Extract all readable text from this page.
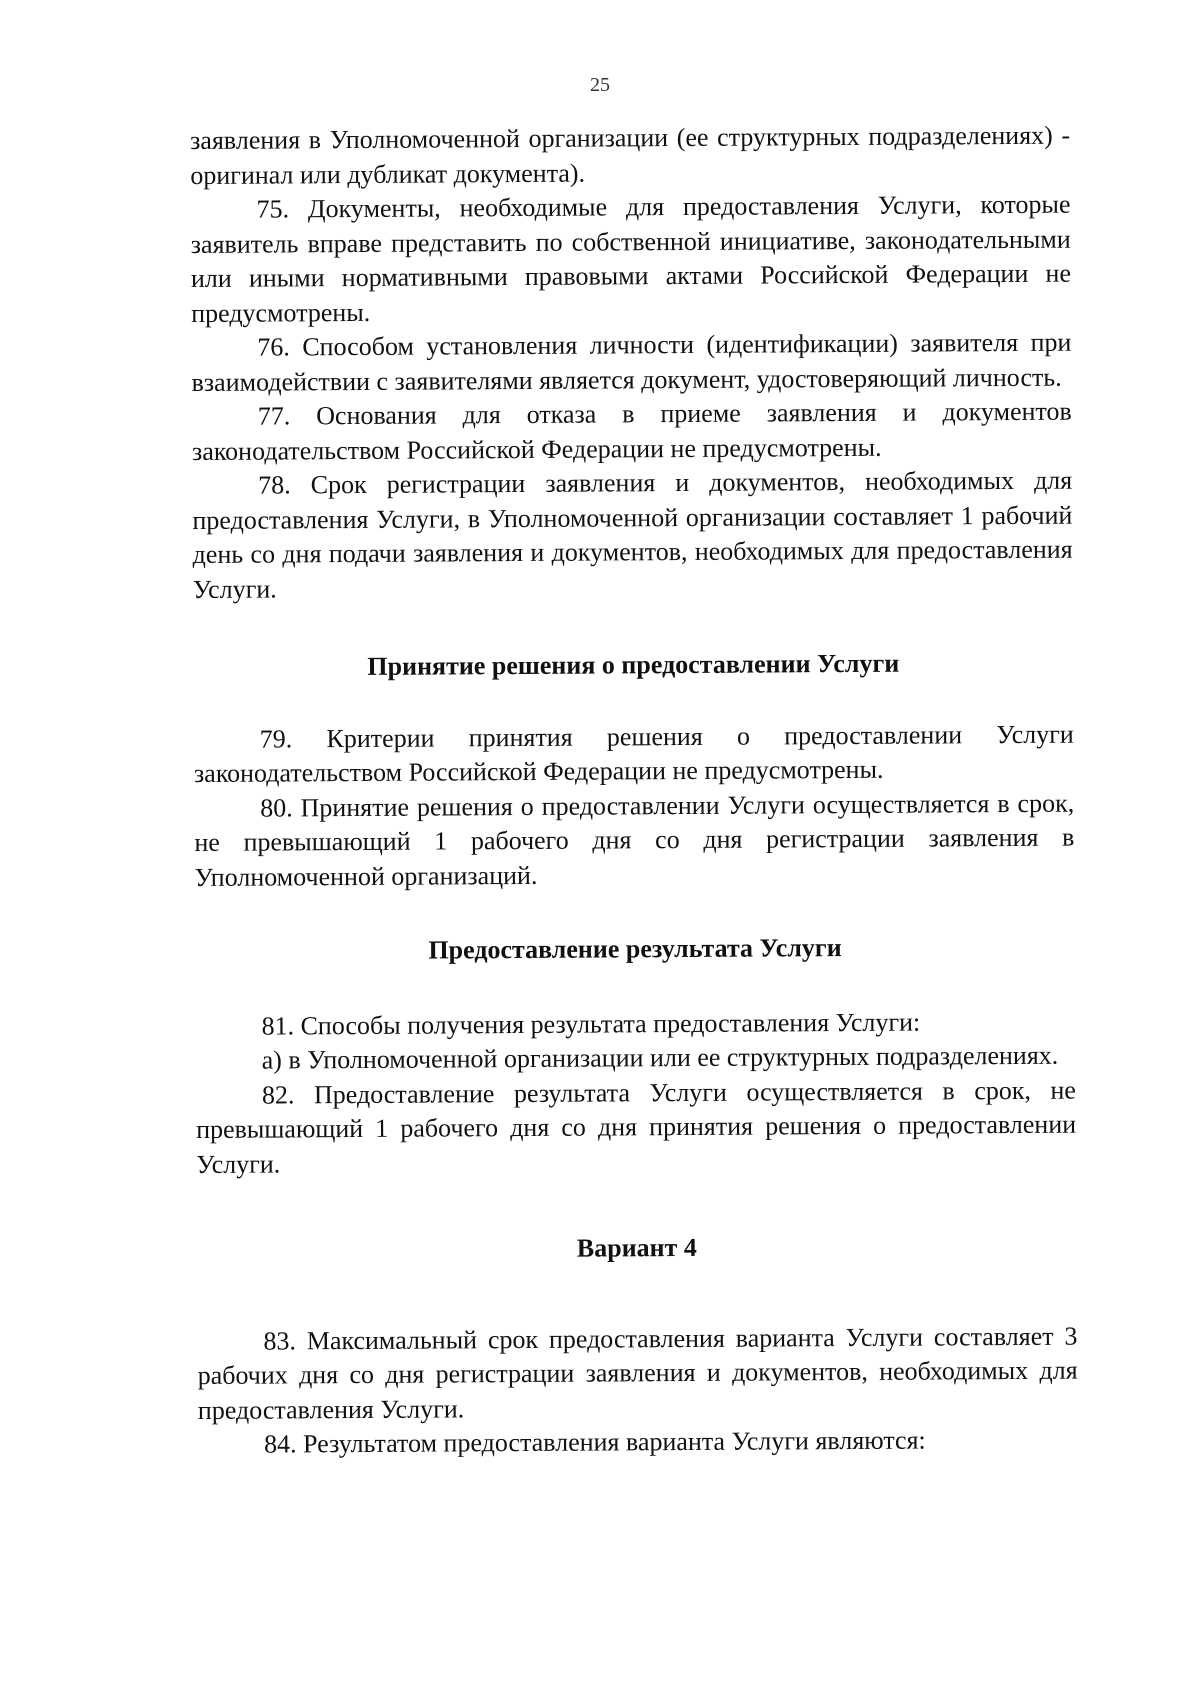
25

заявления в Уполномоченной организации (ее структурных подразделениях) - оригинал или дубликат документа).

75. Документы, необходимые для предоставления Услуги, которые заявитель вправе представить по собственной инициативе, законодательными или иными нормативными правовыми актами Российской Федерации не предусмотрены.

76. Способом установления личности (идентификации) заявителя при взаимодействии с заявителями является документ, удостоверяющий личность.

77. Основания для отказа в приеме заявления и документов законодательством Российской Федерации не предусмотрены.

78. Срок регистрации заявления и документов, необходимых для предоставления Услуги, в Уполномоченной организации составляет 1 рабочий день со дня подачи заявления и документов, необходимых для предоставления Услуги.

Принятие решения о предоставлении Услуги

79. Критерии принятия решения о предоставлении Услуги законодательством Российской Федерации не предусмотрены.

80. Принятие решения о предоставлении Услуги осуществляется в срок, не превышающий 1 рабочего дня со дня регистрации заявления в Уполномоченной организаций.

Предоставление результата Услуги

81. Способы получения результата предоставления Услуги:

а) в Уполномоченной организации или ее структурных подразделениях.

82. Предоставление результата Услуги осуществляется в срок, не превышающий 1 рабочего дня со дня принятия решения о предоставлении Услуги.

Вариант 4

83. Максимальный срок предоставления варианта Услуги составляет 3 рабочих дня со дня регистрации заявления и документов, необходимых для предоставления Услуги.

84. Результатом предоставления варианта Услуги являются:
